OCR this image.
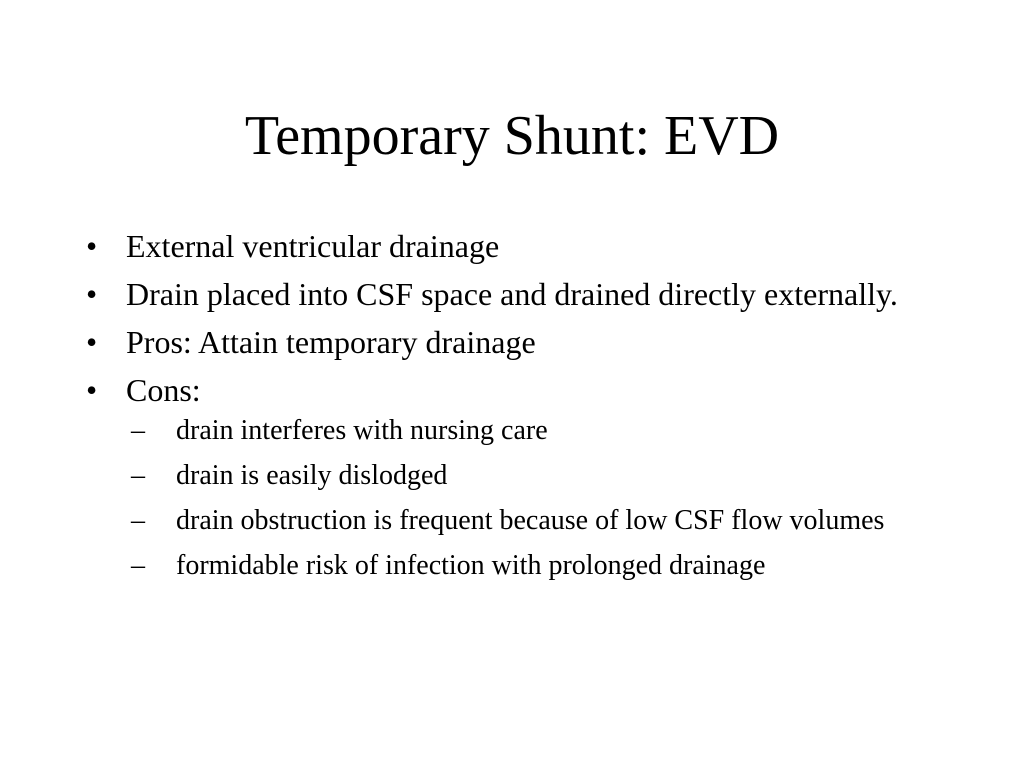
Temporary Shunt: EVD
• External ventricular drainage
• Drain placed into CSF space and drained directly externally.
• Pros: Attain temporary drainage
• Cons:
–	drain interferes with nursing care
–	drain is easily dislodged
–	drain obstruction is frequent because of low CSF flow volumes
–	formidable risk of infection with prolonged drainage
